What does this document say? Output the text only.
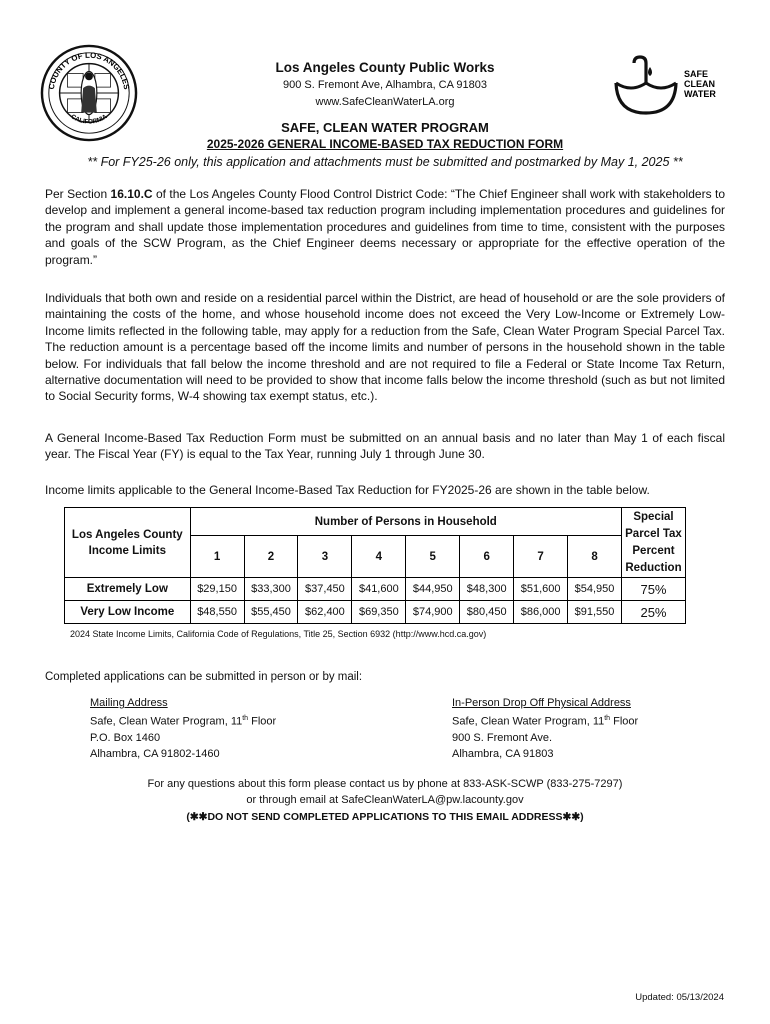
COUNTY OF LOS ANGELES
CALIFORNIA
SAFE
CLEAN
WATER
Los Angeles County Public Works
900 S. Fremont Ave, Alhambra, CA 91803
www.SafeCleanWaterLA.org
SAFE, CLEAN WATER PROGRAM
2025-2026 GENERAL INCOME-BASED TAX REDUCTION FORM
** For FY25-26 only, this application and attachments must be submitted and postmarked by May 1, 2025 **
Per Section 16.10.C of the Los Angeles County Flood Control District Code: “The Chief Engineer shall work with stakeholders to develop and implement a general income-based tax reduction program including implementation procedures and guidelines for the program and shall update those implementation procedures and guidelines from time to time, consistent with the purposes and goals of the SCW Program, as the Chief Engineer deems necessary or appropriate for the effective operation of the program.”
Individuals that both own and reside on a residential parcel within the District, are head of household or are the sole providers of maintaining the costs of the home, and whose household income does not exceed the Very Low-Income or Extremely Low-Income limits reflected in the following table, may apply for a reduction from the Safe, Clean Water Program Special Parcel Tax. The reduction amount is a percentage based off the income limits and number of persons in the household shown in the table below. For individuals that fall below the income threshold and are not required to file a Federal or State Income Tax Return, alternative documentation will need to be provided to show that income falls below the income threshold (such as but not limited to Social Security forms, W-4 showing tax exempt status, etc.).
A General Income-Based Tax Reduction Form must be submitted on an annual basis and no later than May 1 of each fiscal year. The Fiscal Year (FY) is equal to the Tax Year, running July 1 through June 30.
Income limits applicable to the General Income-Based Tax Reduction for FY2025-26 are shown in the table below.
Los Angeles County Income Limits	Number of Persons in Household								Special Parcel Tax Percent Reduction
	1	2	3	4	5	6	7	8	
Extremely Low	$29,150	$33,300	$37,450	$41,600	$44,950	$48,300	$51,600	$54,950	75%
Very Low Income	$48,550	$55,450	$62,400	$69,350	$74,900	$80,450	$86,000	$91,550	25%
2024 State Income Limits, California Code of Regulations, Title 25, Section 6932 (http://www.hcd.ca.gov)
Completed applications can be submitted in person or by mail:
Mailing Address
Safe, Clean Water Program, 11th Floor
P.O. Box 1460
Alhambra, CA 91802-1460
In-Person Drop Off Physical Address
Safe, Clean Water Program, 11th Floor
900 S. Fremont Ave.
Alhambra, CA 91803
For any questions about this form please contact us by phone at 833-ASK-SCWP (833-275-7297)
or through email at SafeCleanWaterLA@pw.lacounty.gov
(✱✱DO NOT SEND COMPLETED APPLICATIONS TO THIS EMAIL ADDRESS✱✱)
Updated: 05/13/2024
